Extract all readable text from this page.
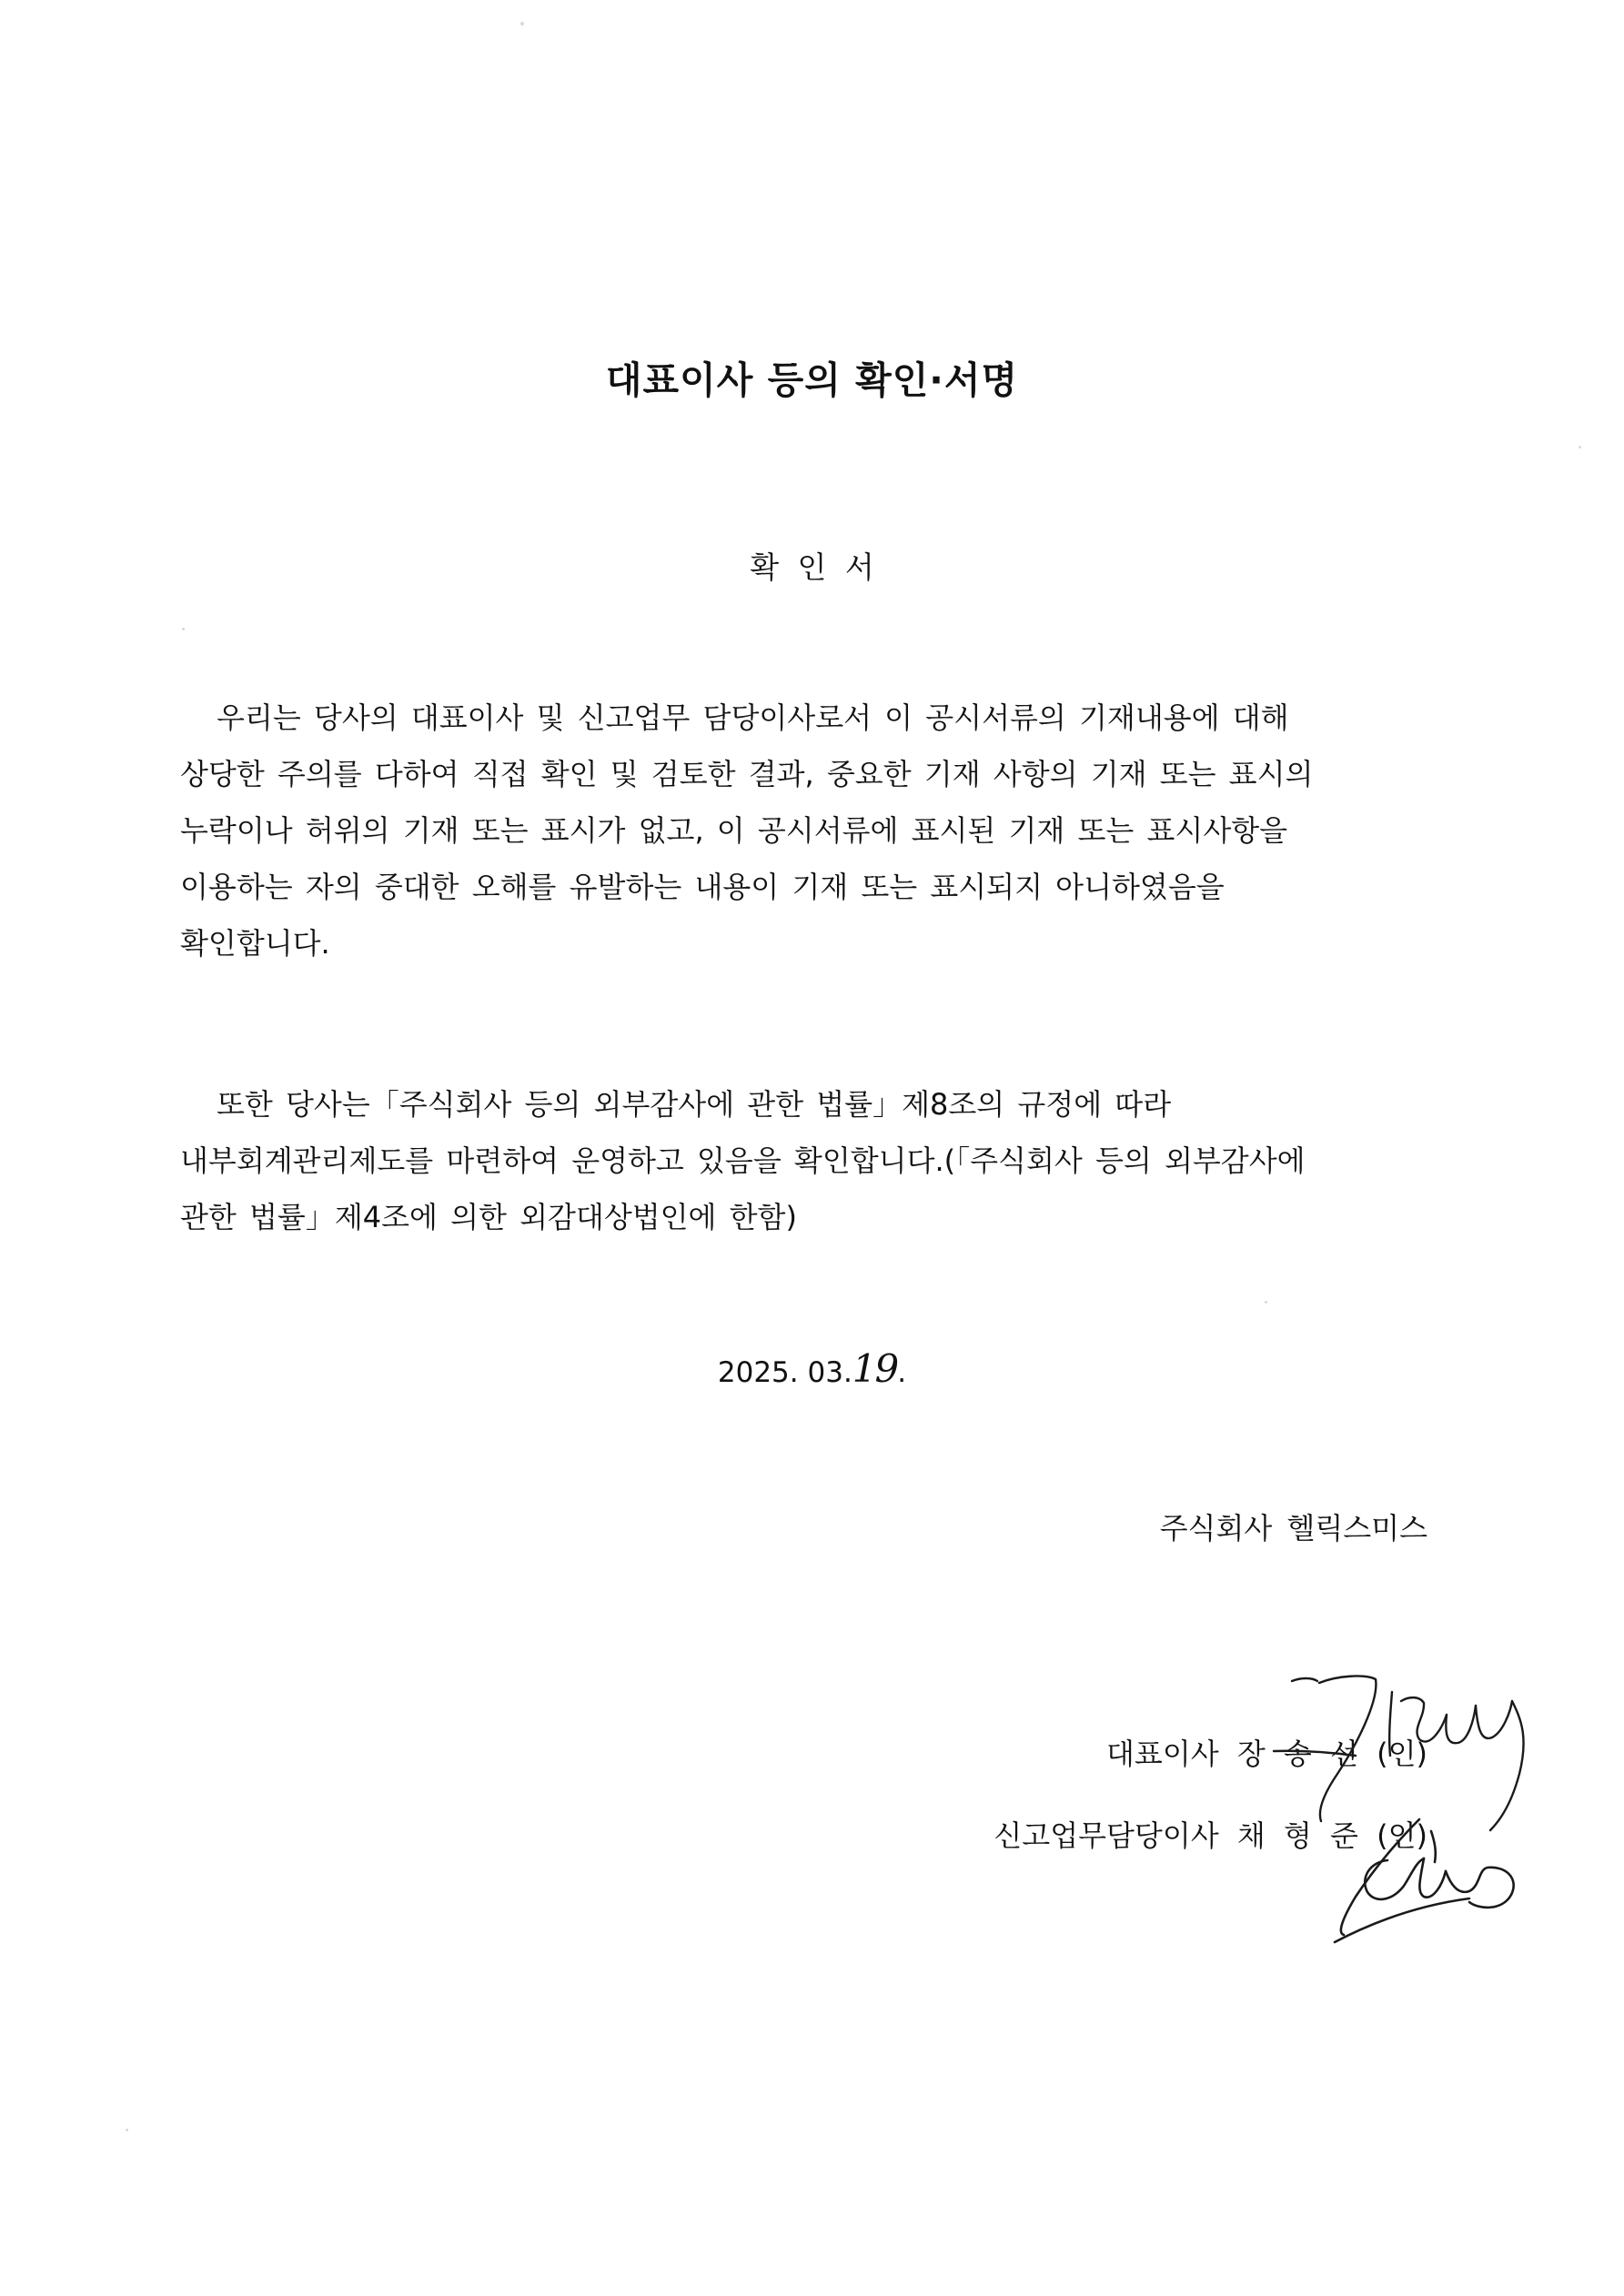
대표이사 등의 확인·서명
확 인 서
우리는 당사의 대표이사 및 신고업무 담당이사로서 이 공시서류의 기재내용에 대해
상당한 주의를 다하여 직접 확인 및 검토한 결과, 중요한 기재 사항의 기재 또는 표시의
누락이나 허위의 기재 또는 표시가 없고, 이 공시서류에 표시된 기재 또는 표시사항을
이용하는 자의 중대한 오해를 유발하는 내용이 기재 또는 표시되지 아니하였음을
확인합니다.
또한 당사는「주식회사 등의 외부감사에 관한 법률」제8조의 규정에 따라
내부회계관리제도를 마련하여 운영하고 있음을 확인합니다.(「주식회사 등의 외부감사에
관한 법률」제4조에 의한 외감대상법인에 한함)
2025. 03.19.
주식회사 헬릭스미스
대표이사 장 송 선 (인)
신고업무담당이사 채 형 준 (인)
